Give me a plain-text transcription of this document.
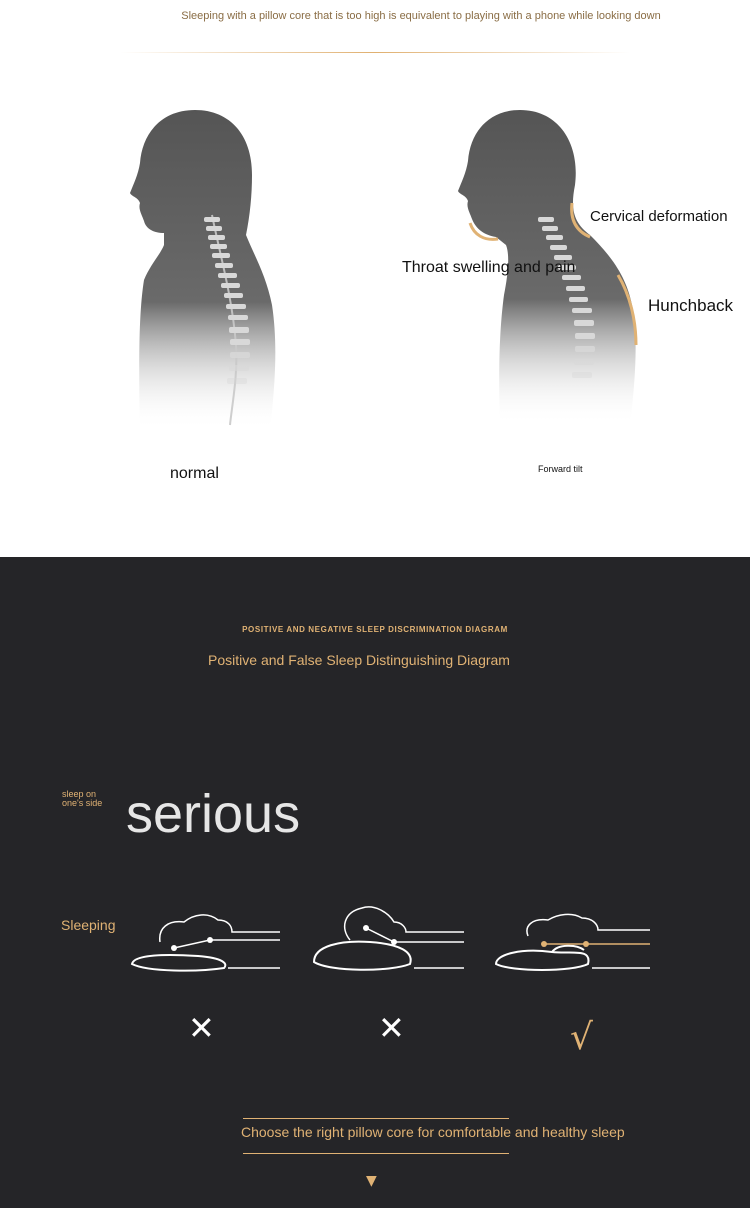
Sleeping with a pillow core that is too high is equivalent to playing with a phone while looking down
Cervical deformation
Throat swelling and pain
Hunchback
normal	Forward tilt
POSITIVE AND NEGATIVE SLEEP DISCRIMINATION DIAGRAM
Positive and False Sleep Distinguishing Diagram
sleep on one's side serious
Sleeping
✕	✕	√
Choose the right pillow core for comfortable and healthy sleep
▼
